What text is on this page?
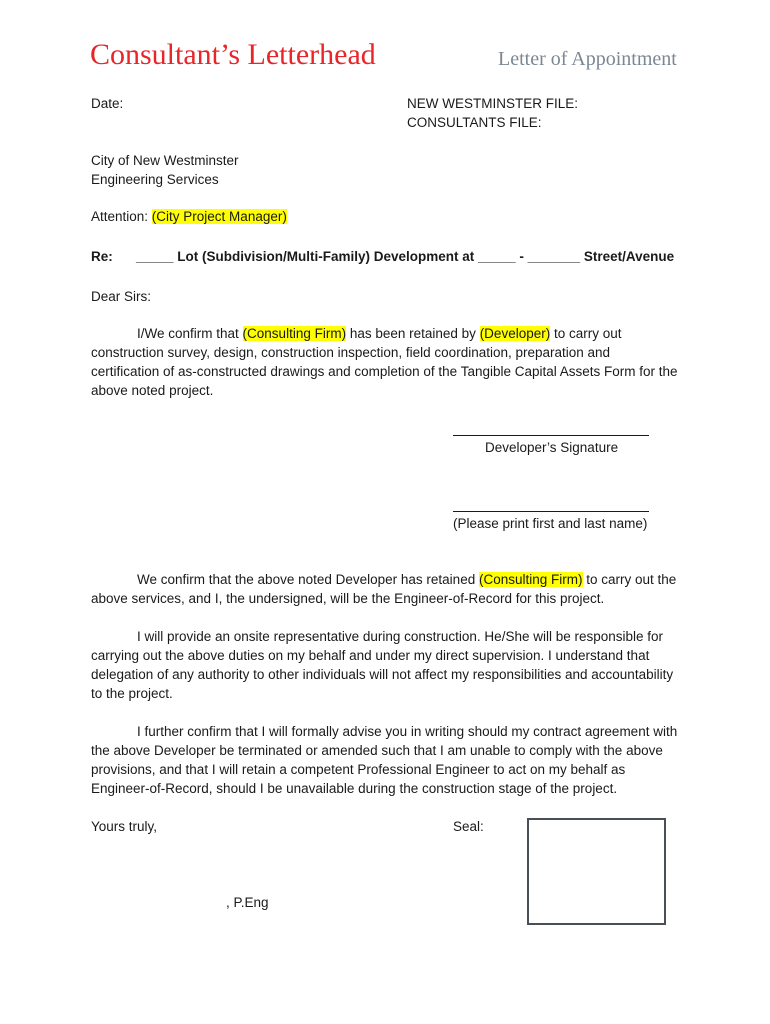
Consultant’s Letterhead	Letter of Appointment
Date:	NEW WESTMINSTER FILE:
CONSULTANTS FILE:
City of New Westminster
Engineering Services
Attention: (City Project Manager)
Re: _____ Lot (Subdivision/Multi-Family) Development at _____ - _______ Street/Avenue
Dear Sirs:
I/We confirm that (Consulting Firm) has been retained by (Developer) to carry out construction survey, design, construction inspection, field coordination, preparation and certification of as-constructed drawings and completion of the Tangible Capital Assets Form for the above noted project.
Developer’s Signature
(Please print first and last name)
We confirm that the above noted Developer has retained (Consulting Firm) to carry out the above services, and I, the undersigned, will be the Engineer-of-Record for this project.
I will provide an onsite representative during construction. He/She will be responsible for carrying out the above duties on my behalf and under my direct supervision. I understand that delegation of any authority to other individuals will not affect my responsibilities and accountability to the project.
I further confirm that I will formally advise you in writing should my contract agreement with the above Developer be terminated or amended such that I am unable to comply with the above provisions, and that I will retain a competent Professional Engineer to act on my behalf as Engineer-of-Record, should I be unavailable during the construction stage of the project.
Yours truly,	Seal:
, P.Eng
